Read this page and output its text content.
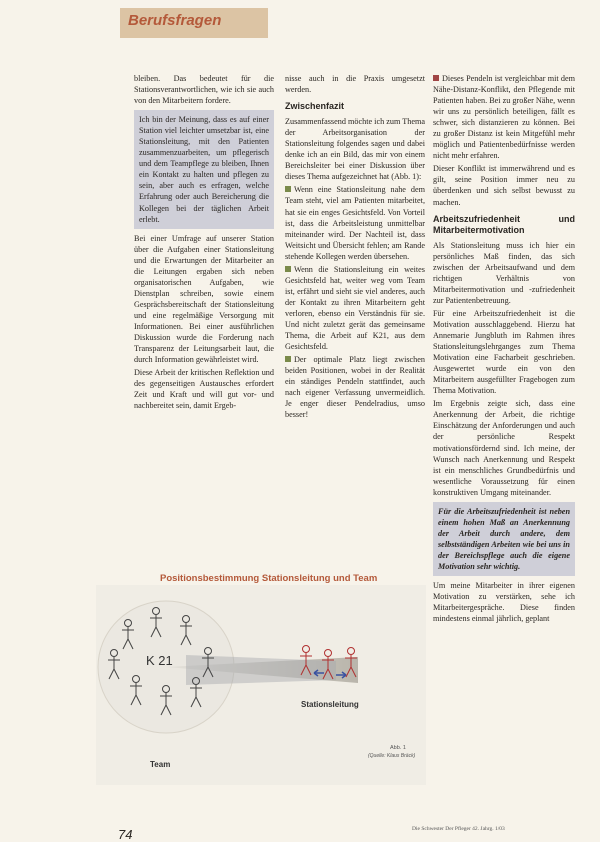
Berufsfragen

bleiben. Das bedeutet für die Stationsverantwortlichen, wie ich sie auch von den Mitarbeitern fordere.

Ich bin der Meinung, dass es auf einer Station viel leichter umsetzbar ist, eine Stationsleitung, mit den Patienten zusammenzuarbeiten, um pflegerisch und dem Teampflege zu bleiben, Ihnen ein Kontakt zu halten und pflegen zu sein, aber auch es erfragen, welche Erfahrung oder auch Bereicherung die Kollegen bei der täglichen Arbeit erlebt.

Bei einer Umfrage auf unserer Station über die Aufgaben einer Stationsleitung und die Erwartungen der Mitarbeiter an die Leitungen ergaben sich neben organisatorischen Aufgaben, wie Dienstplan schreiben, sowie einem Gesprächsbereitschaft der Stationsleitung und eine regelmäßige Versorgung mit Informationen. Bei einer ausführlichen Diskussion wurde die Forderung nach Transparenz der Leitungsarbeit laut, die durch Information gewährleistet wird.

Diese Arbeit der kritischen Reflektion und des gegenseitigen Austausches erfordert Zeit und Kraft und will gut vor- und nachbereitet sein, damit Ergeb-

nisse auch in die Praxis umgesetzt werden.

Zwischenfazit

Zusammenfassend möchte ich zum Thema der Arbeitsorganisation der Stationsleitung folgendes sagen und dabei denke ich an ein Bild, das mir von einem Bereichsleiter bei einer Diskussion über dieses Thema aufgezeichnet hat (Abb. 1):

Wenn eine Stationsleitung nahe dem Team steht, viel am Patienten mitarbeitet, hat sie ein enges Gesichtsfeld. Von Vorteil ist, dass die Arbeitsleistung unmittelbar miteinander wird. Der Nachteil ist, dass Weitsicht und Übersicht fehlen; am Rande stehende Kollegen werden übersehen.

Wenn die Stationsleitung ein weites Gesichtsfeld hat, weiter weg vom Team ist, erfährt und sieht sie viel anderes, auch der Kontakt zu ihren Mitarbeitern geht verloren, ebenso ein Verständnis für sie. Und nicht zuletzt gerät das gemeinsame Thema, die Arbeit auf K21, aus dem Gesichtsfeld.

Der optimale Platz liegt zwischen beiden Positionen, wobei in der Realität ein ständiges Pendeln stattfindet, auch nach eigener Verfassung unvermeidlich. Je enger dieser Pendelradius, umso besser!

Dieses Pendeln ist vergleichbar mit dem Nähe-Distanz-Konflikt, den Pflegende mit Patienten haben. Bei zu großer Nähe, wenn wir uns zu persönlich beteiligen, fällt es schwer, sich distanzieren zu können. Bei zu großer Distanz ist kein Mitgefühl mehr möglich und Patientenbedürfnisse werden nicht mehr erfahren.

Dieser Konflikt ist immerwährend und es gilt, seine Position immer neu zu überdenken und sich selbst bewusst zu machen.

Arbeitszufriedenheit und Mitarbeitermotivation

Als Stationsleitung muss ich hier ein persönliches Maß finden, das sich zwischen der Arbeitsaufwand und dem richtigen Verhältnis von Mitarbeitermotivation und -zufriedenheit zur Patientenbetreuung.

Für eine Arbeitszufriedenheit ist die Motivation ausschlaggebend. Hierzu hat Annemarie Jungbluth im Rahmen ihres Stationsleitungslehrganges zum Thema Motivation eine Facharbeit geschrieben. Ausgewertet wurde ein von den Mitarbeitern ausgefüllter Fragebogen zum Thema Motivation.

Im Ergebnis zeigte sich, dass eine Anerkennung der Arbeit, die richtige Einschätzung der Anforderungen und auch der persönliche Respekt motivationsfördernd sind. Ich meine, der Wunsch nach Anerkennung und Respekt ist ein menschliches Grundbedürfnis und wesentliche Voraussetzung für einen konstruktiven Umgang miteinander.

Für die Arbeitszufriedenheit ist neben einem hohen Maß an Anerkennung der Arbeit durch andere, dem selbstständigen Arbeiten wie bei uns in der Bereichspflege auch die eigene Motivation sehr wichtig.

Um meine Mitarbeiter in ihrer eigenen Motivation zu verstärken, sehe ich Mitarbeitergespräche. Diese finden mindestens einmal jährlich, geplant

Positionsbestimmung Stationsleitung und Team
K 21
Stationsleitung
Team
Abb. 1
(Quelle: Klaus Bräck)
74	Die Schwester Der Pfleger 42. Jahrg. 1/03
